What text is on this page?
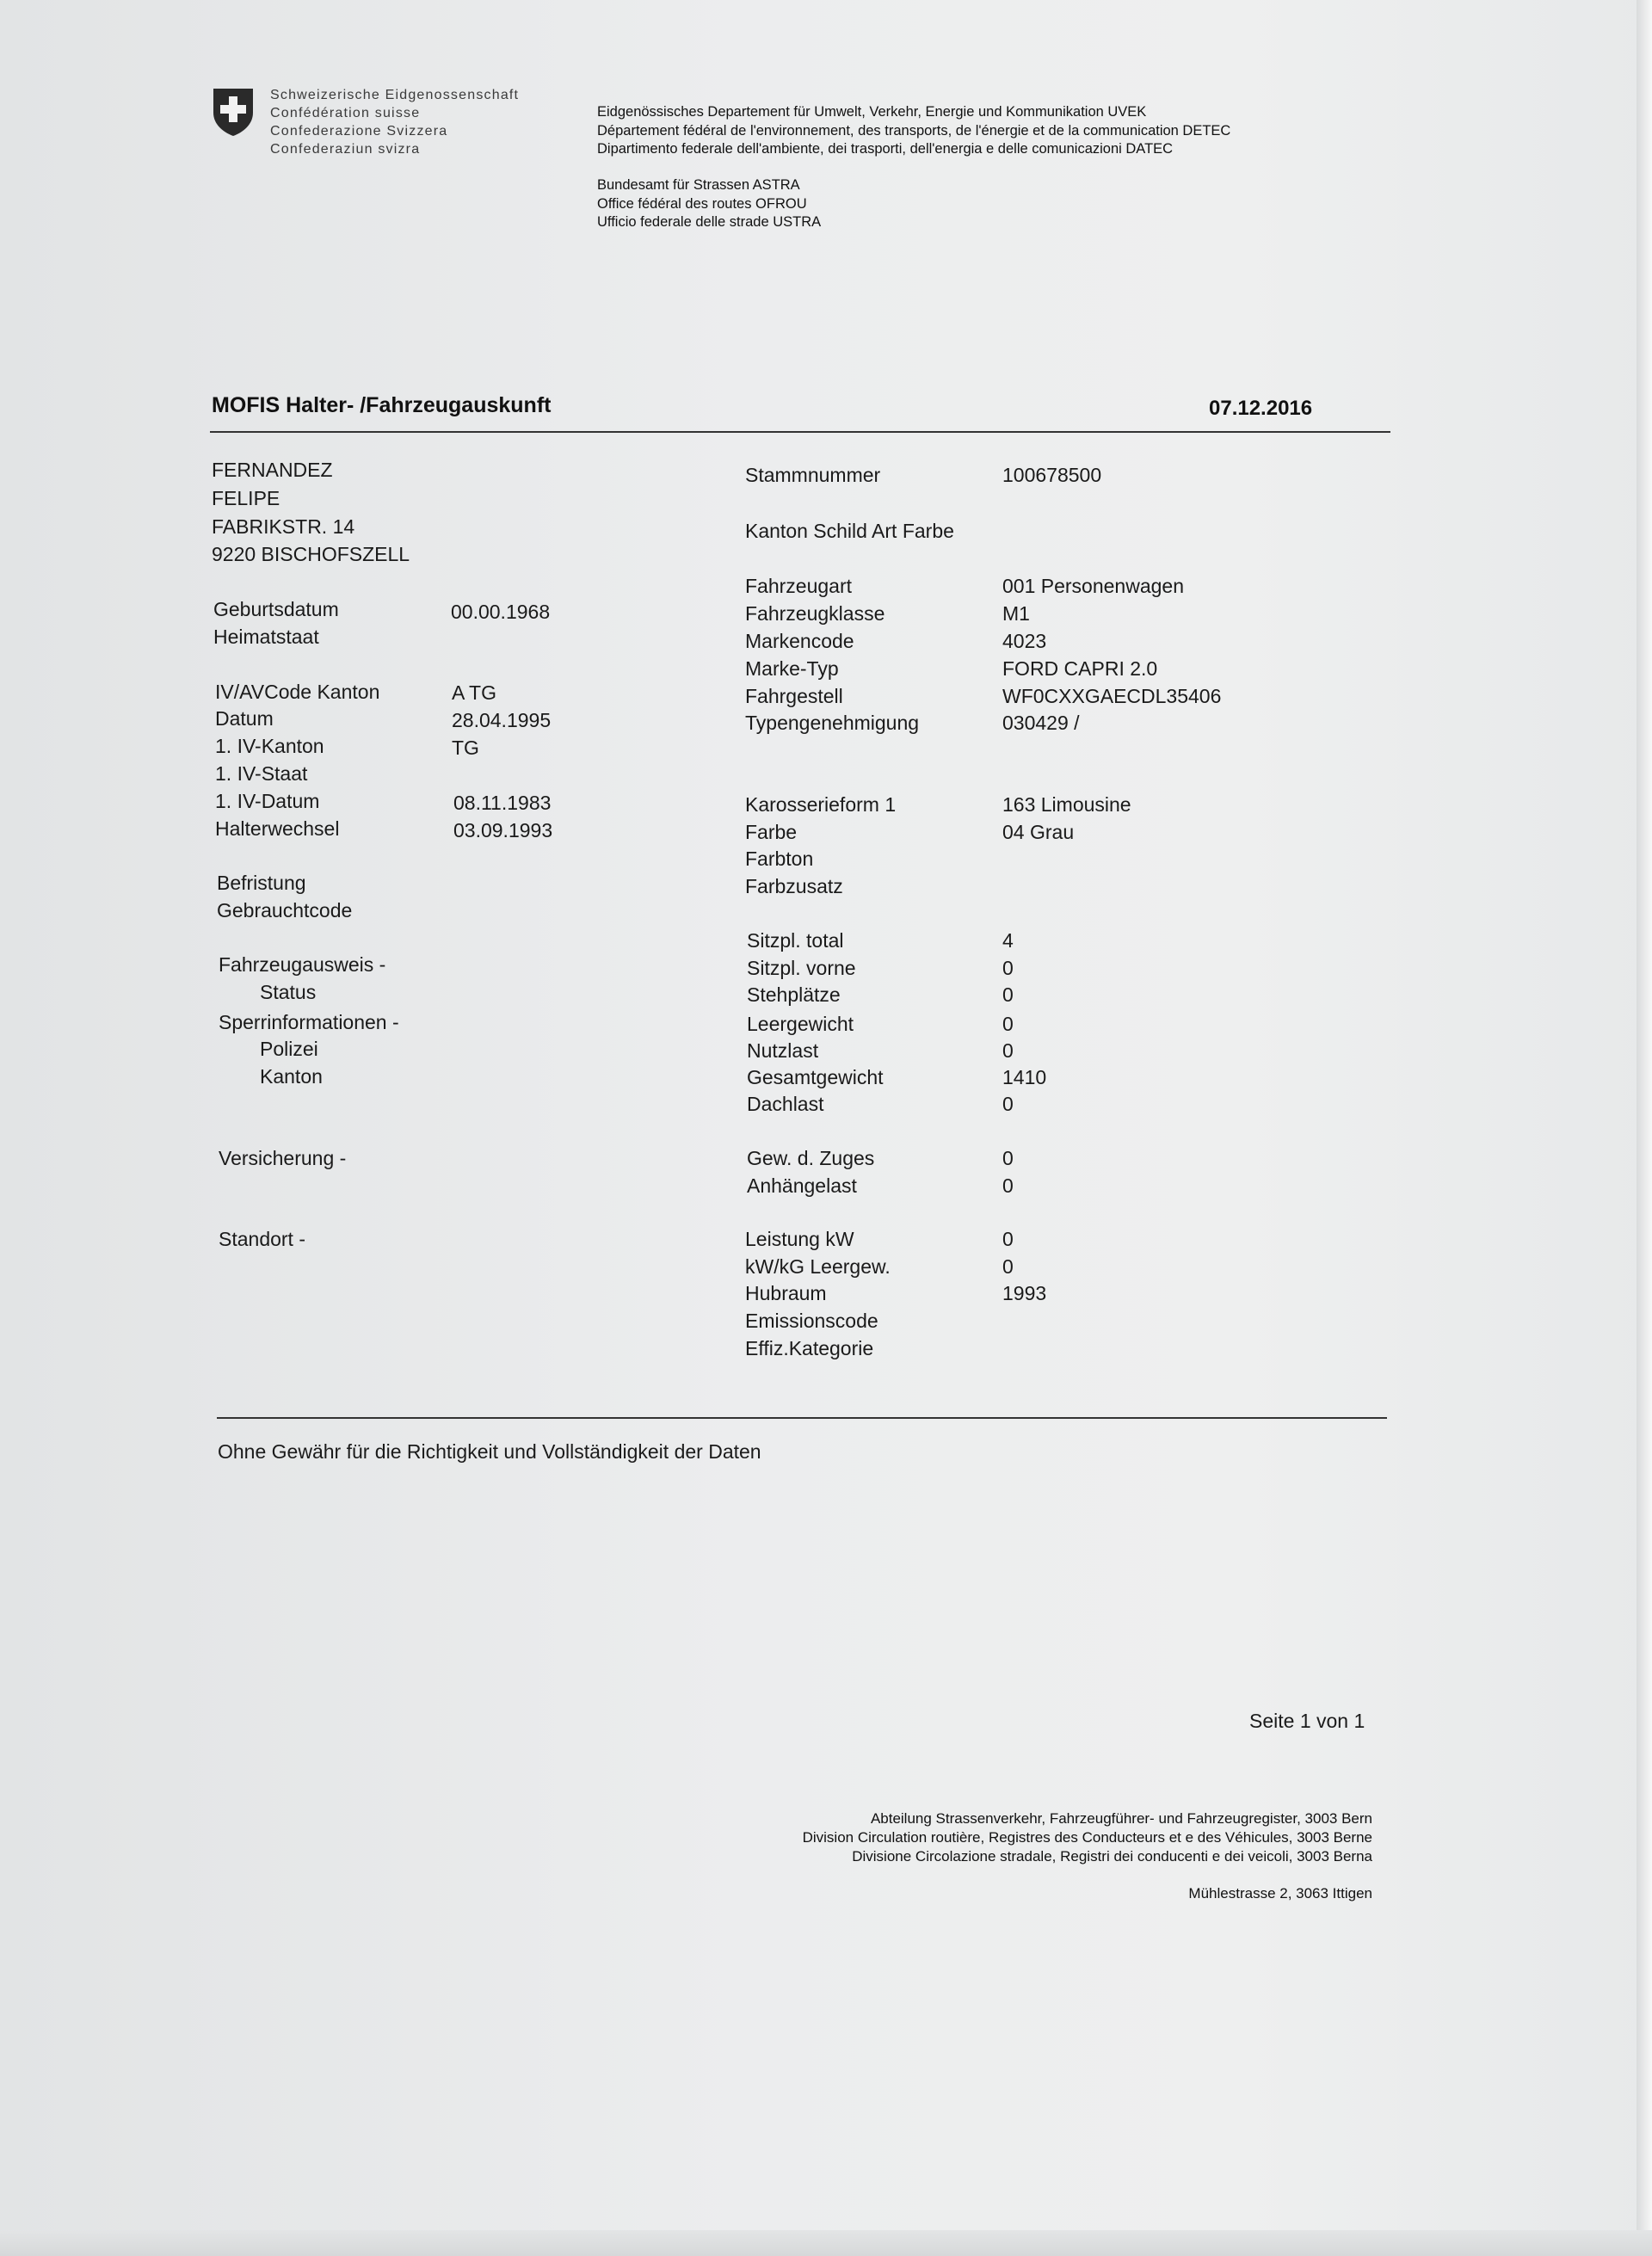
Schweizerische Eidgenossenschaft
Confédération suisse
Confederazione Svizzera
Confederaziun svizra
Eidgenössisches Departement für Umwelt, Verkehr, Energie und Kommunikation UVEK
Département fédéral de l'environnement, des transports, de l'énergie et de la communication DETEC
Dipartimento federale dell'ambiente, dei trasporti, dell'energia e delle comunicazioni DATEC
Bundesamt für Strassen ASTRA
Office fédéral des routes OFROU
Ufficio federale delle strade USTRA
MOFIS Halter- /Fahrzeugauskunft	07.12.2016
FERNANDEZ
FELIPE
FABRIKSTR. 14
9220 BISCHOFSZELL
Geburtsdatum	00.00.1968
Heimatstaat
IV/AVCode Kanton	A TG
Datum	28.04.1995
1. IV-Kanton	TG
1. IV-Staat
1. IV-Datum	08.11.1983
Halterwechsel	03.09.1993
Befristung
Gebrauchtcode
Fahrzeugausweis -
Status
Sperrinformationen -
Polizei
Kanton
Versicherung -
Standort -
Stammnummer	100678500
Kanton Schild Art Farbe
Fahrzeugart	001 Personenwagen
Fahrzeugklasse	M1
Markencode	4023
Marke-Typ	FORD CAPRI 2.0
Fahrgestell	WF0CXXGAECDL35406
Typengenehmigung	030429 /
Karosserieform 1	163 Limousine
Farbe	04 Grau
Farbton
Farbzusatz
Sitzpl. total	4
Sitzpl. vorne	0
Stehplätze	0
Leergewicht	0
Nutzlast	0
Gesamtgewicht	1410
Dachlast	0
Gew. d. Zuges	0
Anhängelast	0
Leistung kW	0
kW/kG Leergew.	0
Hubraum	1993
Emissionscode
Effiz.Kategorie
Ohne Gewähr für die Richtigkeit und Vollständigkeit der Daten
Seite 1 von 1
Abteilung Strassenverkehr, Fahrzeugführer- und Fahrzeugregister, 3003 Bern
Division Circulation routière, Registres des Conducteurs et e des Véhicules, 3003 Berne
Divisione Circolazione stradale, Registri dei conducenti e dei veicoli, 3003 Berna
Mühlestrasse 2, 3063 Ittigen
